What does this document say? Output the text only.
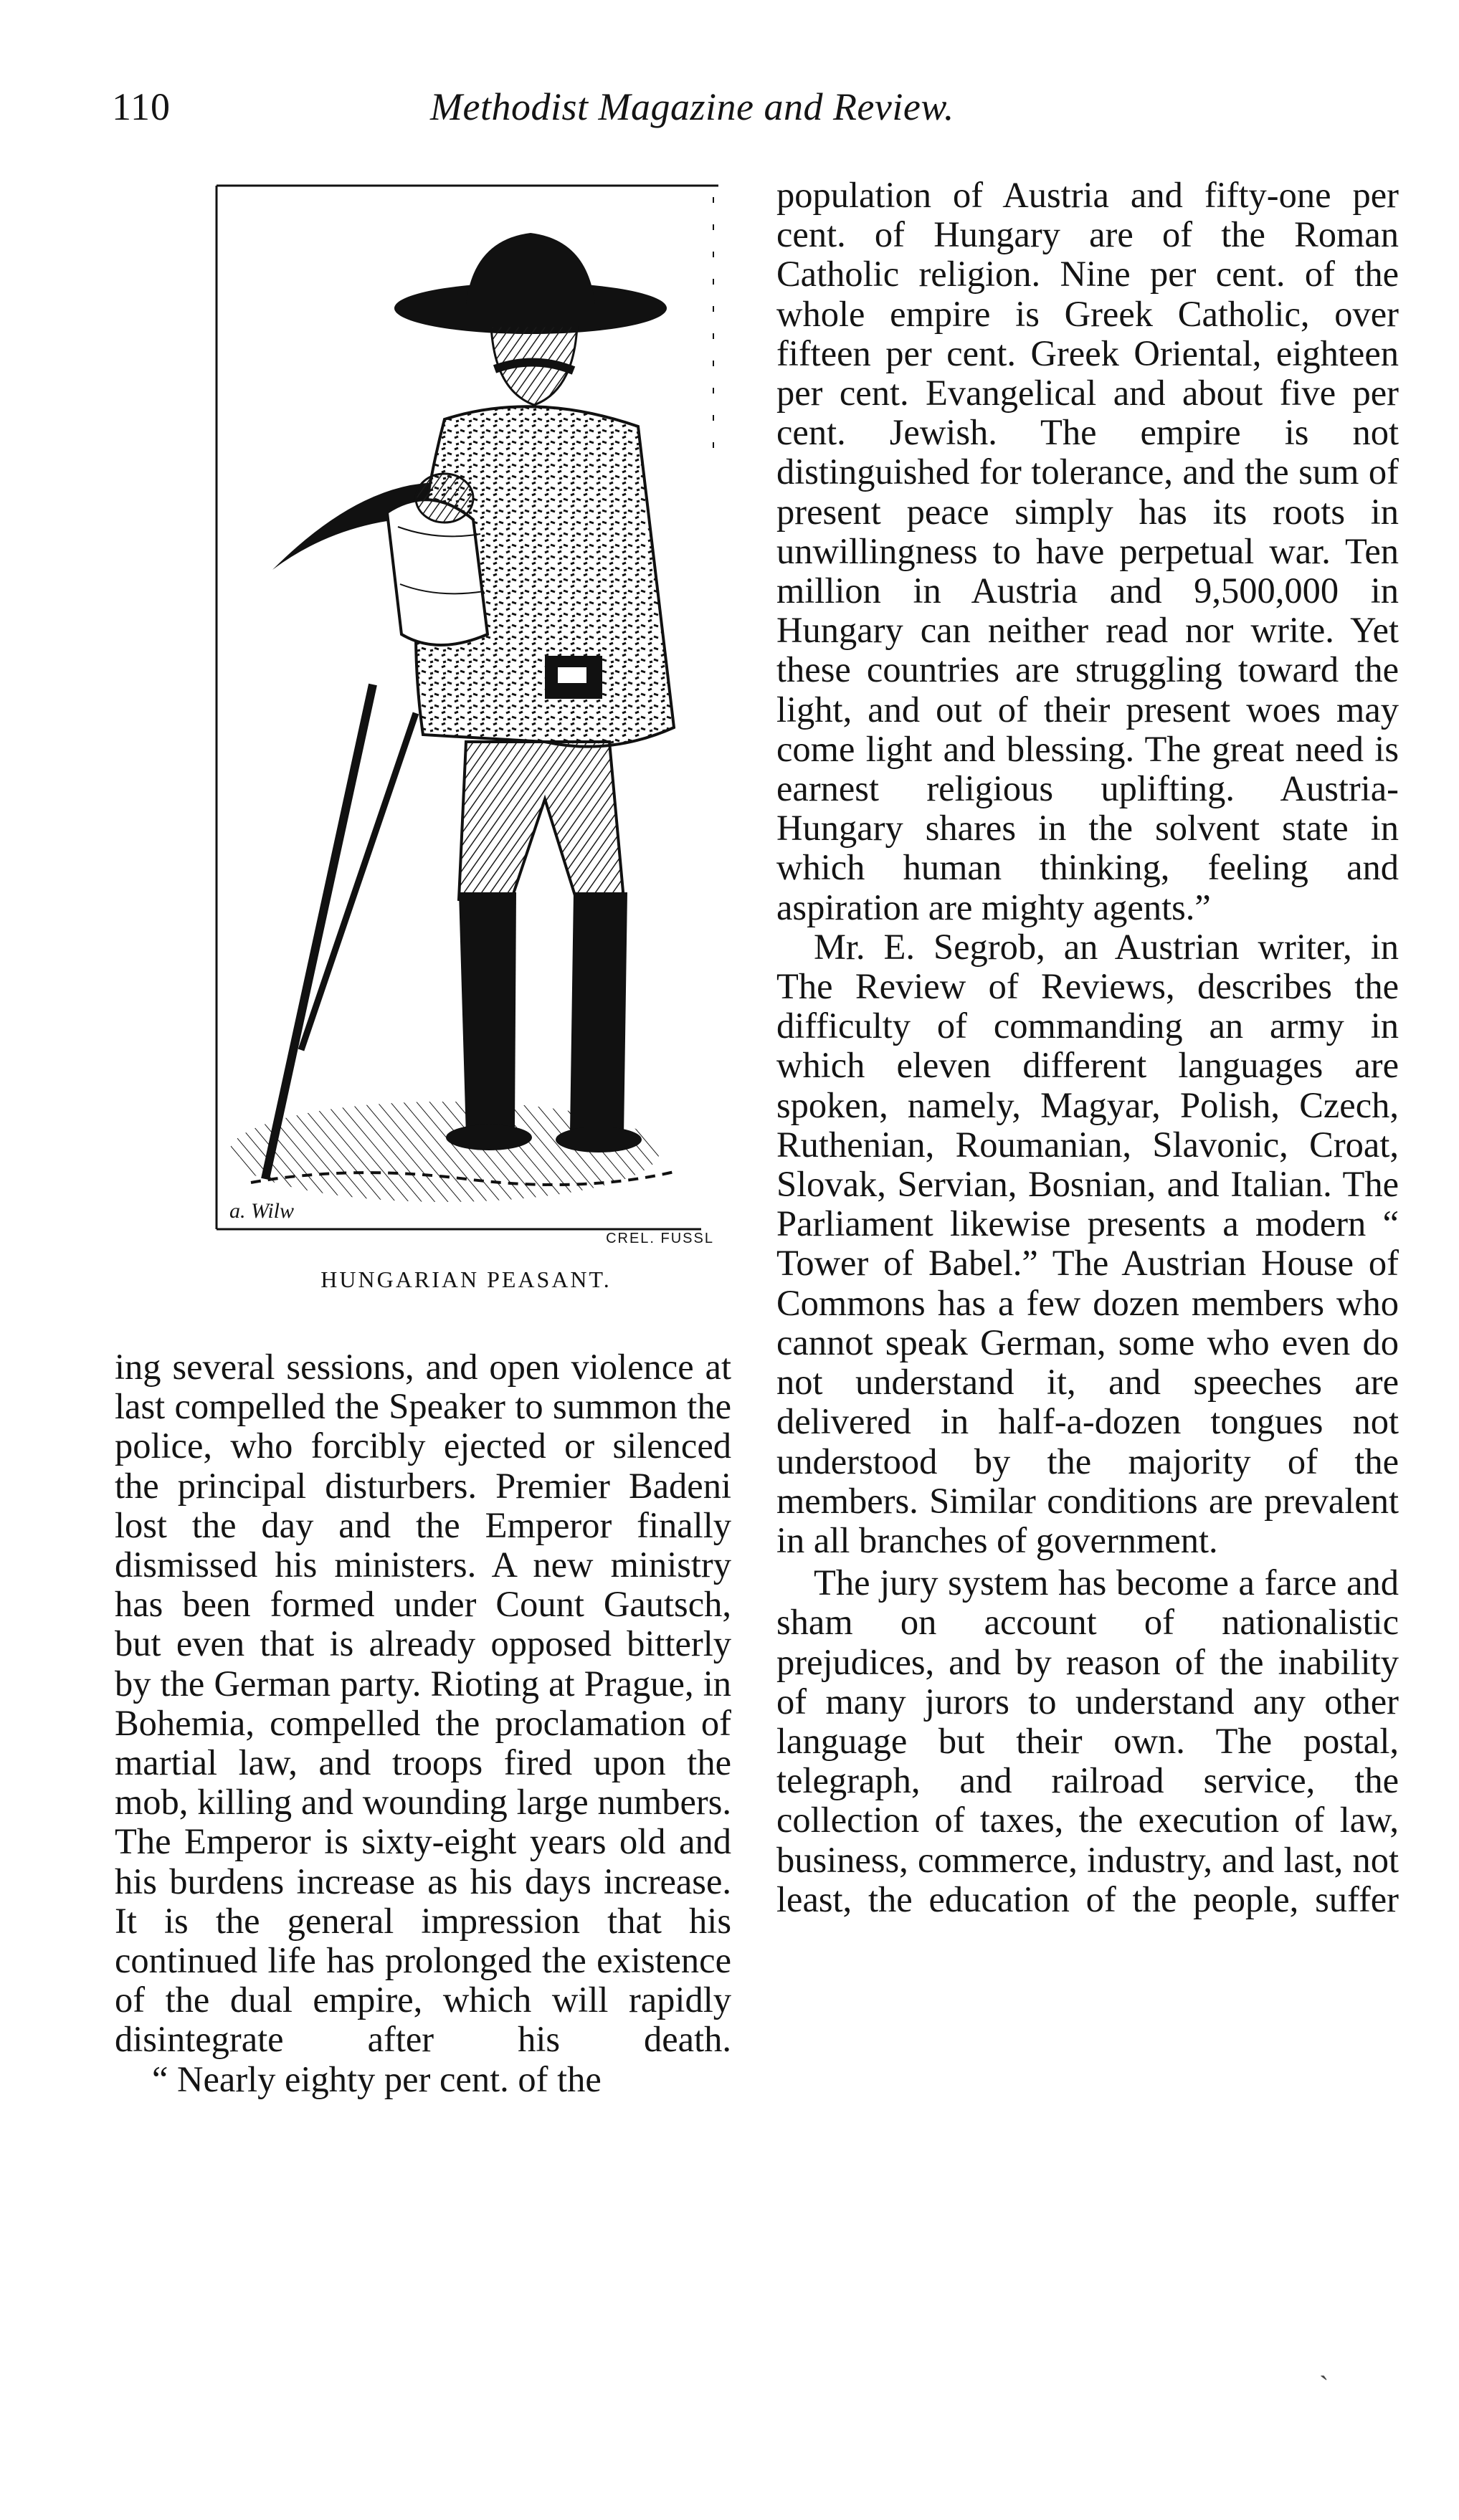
110	Methodist Magazine and Review.
a. Wilw
CREL. FUSSL
HUNGARIAN PEASANT.

ing several sessions, and open violence at last compelled the Speaker to summon the police, who forcibly ejected or silenced the principal disturbers. Premier Badeni lost the day and the Emperor finally dismissed his ministers. A new ministry has been formed under Count Gautsch, but even that is already opposed bitterly by the German party. Rioting at Prague, in Bohemia, compelled the proclamation of martial law, and troops fired upon the mob, killing and wounding large numbers. The Emperor is sixty-eight years old and his burdens increase as his days increase. It is the general impression that his continued life has prolonged the existence of the dual empire, which will rapidly disintegrate after his death.

“ Nearly eighty per cent. of the

population of Austria and fifty-one per cent. of Hungary are of the Roman Catholic religion. Nine per cent. of the whole empire is Greek Catholic, over fifteen per cent. Greek Oriental, eighteen per cent. Evangelical and about five per cent. Jewish. The empire is not distinguished for tolerance, and the sum of present peace simply has its roots in unwillingness to have perpetual war. Ten million in Austria and 9,500,000 in Hungary can neither read nor write. Yet these countries are struggling toward the light, and out of their present woes may come light and blessing. The great need is earnest religious uplifting. Austria-Hungary shares in the solvent state in which human thinking, feeling and aspiration are mighty agents.”

Mr. E. Segrob, an Austrian writer, in The Review of Reviews, describes the difficulty of commanding an army in which eleven different languages are spoken, namely, Magyar, Polish, Czech, Ruthenian, Roumanian, Slavonic, Croat, Slovak, Servian, Bosnian, and Italian. The Parliament likewise presents a modern “ Tower of Babel.” The Austrian House of Commons has a few dozen members who cannot speak German, some who even do not understand it, and speeches are delivered in half-a-dozen tongues not understood by the majority of the members. Similar conditions are prevalent in all branches of government.

The jury system has become a farce and sham on account of nationalistic prejudices, and by reason of the inability of many jurors to understand any other language but their own. The postal, telegraph, and railroad service, the collection of taxes, the execution of law, business, commerce, industry, and last, not least, the education of the people, suffer

ˎ
